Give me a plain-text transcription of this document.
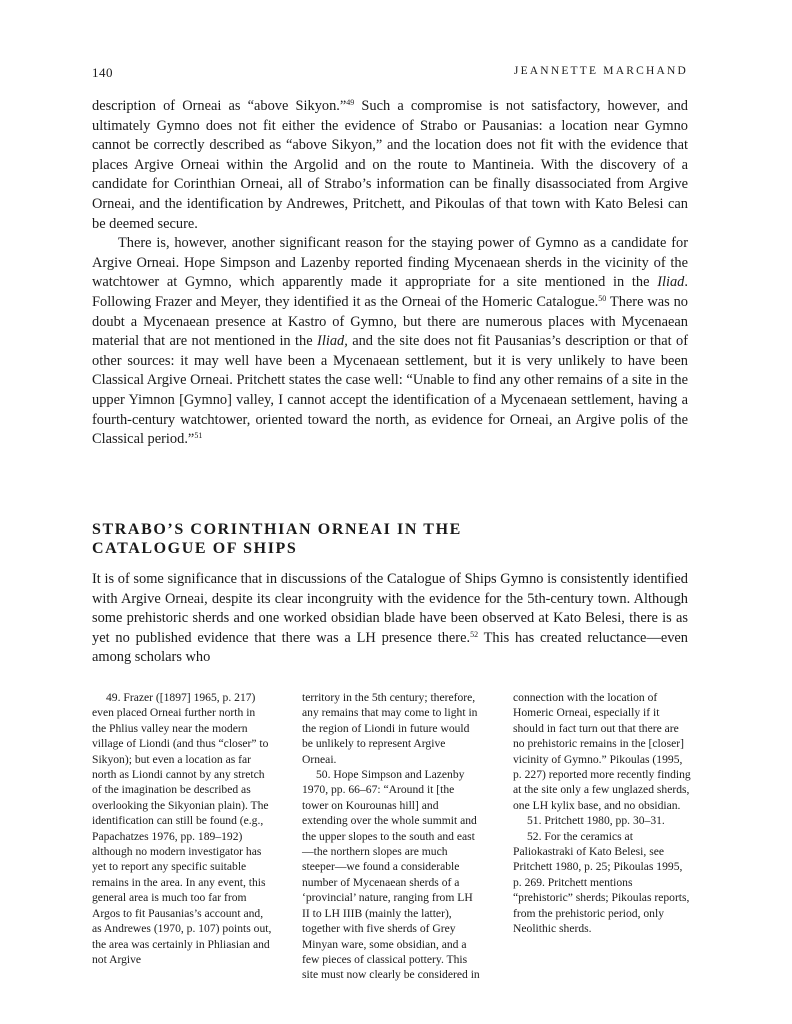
140	JEANNETTE MARCHAND

description of Orneai as “above Sikyon.”$^{49}$ Such a compromise is not satisfactory, however, and ultimately Gymno does not fit either the evidence of Strabo or Pausanias: a location near Gymno cannot be correctly described as “above Sikyon,” and the location does not fit with the evidence that places Argive Orneai within the Argolid and on the route to Mantineia. With the discovery of a candidate for Corinthian Orneai, all of Strabo’s information can be finally disassociated from Argive Orneai, and the identification by Andrewes, Pritchett, and Pikoulas of that town with Kato Belesi can be deemed secure.

There is, however, another significant reason for the staying power of Gymno as a candidate for Argive Orneai. Hope Simpson and Lazenby reported finding Mycenaean sherds in the vicinity of the watchtower at Gymno, which apparently made it appropriate for a site mentioned in the Iliad. Following Frazer and Meyer, they identified it as the Orneai of the Homeric Catalogue.$^{50}$ There was no doubt a Mycenaean presence at Kastro of Gymno, but there are numerous places with Mycenaean material that are not mentioned in the Iliad, and the site does not fit Pausanias’s description or that of other sources: it may well have been a Mycenaean settlement, but it is very unlikely to have been Classical Argive Orneai. Pritchett states the case well: “Unable to find any other remains of a site in the upper Yimnon [Gymno] valley, I cannot accept the identification of a Mycenaean settlement, having a fourth-century watchtower, oriented toward the north, as evidence for Orneai, an Argive polis of the Classical period.”$^{51}$

STRABO’S CORINTHIAN ORNEAI IN THE
CATALOGUE OF SHIPS

It is of some significance that in discussions of the Catalogue of Ships Gymno is consistently identified with Argive Orneai, despite its clear incongruity with the evidence for the 5th-century town. Although some prehistoric sherds and one worked obsidian blade have been observed at Kato Belesi, there is as yet no published evidence that there was a LH presence there.$^{52}$ This has created reluctance—even among scholars who

49. Frazer ([1897] 1965, p. 217) even placed Orneai further north in the Phlius valley near the modern village of Liondi (and thus “closer” to Sikyon); but even a location as far north as Liondi cannot by any stretch of the imagination be described as overlooking the Sikyonian plain). The identification can still be found (e.g., Papachatzes 1976, pp. 189–192) although no modern investigator has yet to report any specific suitable remains in the area. In any event, this general area is much too far from Argos to fit Pausanias’s account and, as Andrewes (1970, p. 107) points out, the area was certainly in Phliasian and not Argive

territory in the 5th century; therefore, any remains that may come to light in the region of Liondi in future would be unlikely to represent Argive Orneai.

50. Hope Simpson and Lazenby 1970, pp. 66–67: “Around it [the tower on Kourounas hill] and extending over the whole summit and the upper slopes to the south and east—the northern slopes are much steeper—we found a considerable number of Mycenaean sherds of a ‘provincial’ nature, ranging from LH II to LH IIIB (mainly the latter), together with five sherds of Grey Minyan ware, some obsidian, and a few pieces of classical pottery. This site must now clearly be considered in

connection with the location of Homeric Orneai, especially if it should in fact turn out that there are no prehistoric remains in the [closer] vicinity of Gymno.” Pikoulas (1995, p. 227) reported more recently finding at the site only a few unglazed sherds, one LH kylix base, and no obsidian.

51. Pritchett 1980, pp. 30–31.

52. For the ceramics at Paliokastraki of Kato Belesi, see Pritchett 1980, p. 25; Pikoulas 1995, p. 269. Pritchett mentions “prehistoric” sherds; Pikoulas reports, from the prehistoric period, only Neolithic sherds.
